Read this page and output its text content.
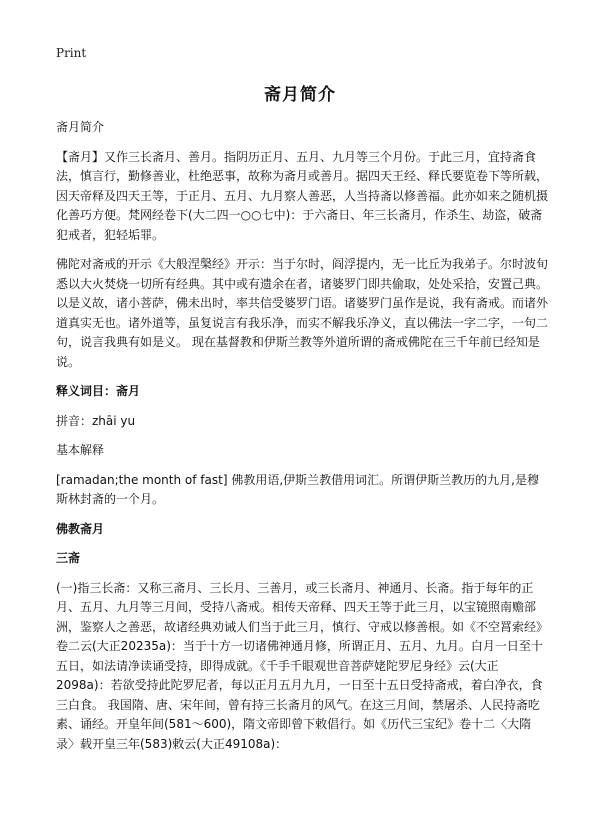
Print
斋月简介

斋月简介

【斋月】又作三长斋月、善月。指阴历正月、五月、九月等三个月份。于此三月，宜持斋食法，慎言行，勤修善业，杜绝恶事，故称为斋月或善月。据四天王经、释氏要览卷下等所载，因天帝释及四天王等，于正月、五月、九月察人善恶，人当持斋以修善福。此亦如来之随机摄化善巧方便。梵网经卷下(大二四一○○七中)：于六斋日、年三长斋月，作杀生、劫盗，破斋犯戒者，犯轻垢罪。

佛陀对斋戒的开示《大般涅槃经》开示：当于尔时，阎浮提内，无一比丘为我弟子。尔时波旬悉以大火焚烧一切所有经典。其中或有遗余在者，诸婆罗门即共偷取，处处采拾，安置己典。以是义故，诸小菩萨，佛未出时，率共信受婆罗门语。诸婆罗门虽作是说，我有斋戒。而诸外道真实无也。诸外道等，虽复说言有我乐净，而实不解我乐净义，直以佛法一字二字，一句二句，说言我典有如是义。 现在基督教和伊斯兰教等外道所谓的斋戒佛陀在三千年前已经知是说。

释义词目：斋月

拼音：zhāi yu

基本解释

[ramadan;the month of fast] 佛教用语,伊斯兰教借用词汇。所谓伊斯兰教历的九月,是穆斯林封斋的一个月。

佛教斋月
三斋

(一)指三长斋：又称三斋月、三长月、三善月，或三长斋月、神通月、长斋。指于每年的正月、五月、九月等三月间，受持八斋戒。相传天帝释、四天王等于此三月，以宝镜照南赡部洲，鉴察人之善恶，故诸经典劝诫人们当于此三月，慎行、守戒以修善根。如《不空罥索经》卷二云(大正20235a)：当于十方一切诸佛神通月修，所谓正月、五月、九月。白月一日至十五日，如法请净读诵受持，即得成就。《千手千眼观世音菩萨姥陀罗尼身经》云(大正2098a)：若欲受持此陀罗尼者，每以正月五月九月，一日至十五日受持斋戒，着白净衣，食三白食。 我国隋、唐、宋年间，曾有持三长斋月的风气。在这三月间，禁屠杀、人民持斋吃素、诵经。开皇年间(581～600)，隋文帝即曾下敕倡行。如《历代三宝纪》卷十二〈大隋录〉载开皇三年(583)敕云(大正49108a)：
